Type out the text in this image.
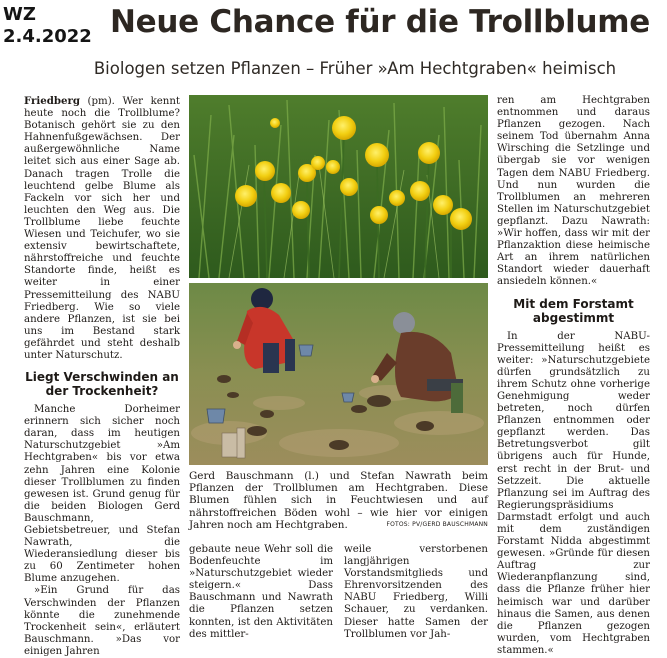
WZ
2.4.2022 Neue Chance für die Trollblume
Biologen setzen Pflanzen – Früher »Am Hechtgraben« heimisch

Friedberg (pm). Wer kennt heute noch die Trollblume? Botanisch gehört sie zu den Hahnenfußgewächsen. Der außergewöhnliche Name leitet sich aus einer Sage ab. Danach tragen Trolle die leuchtend gelbe Blume als Fackeln vor sich her und leuchten den Weg aus. Die Trollblume liebe feuchte Wiesen und Teichufer, wo sie extensiv bewirtschaftete, nährstoffreiche und feuchte Standorte finde, heißt es weiter in einer Pressemitteilung des NABU Friedberg. Wie so viele andere Pflanzen, ist sie bei uns im Bestand stark gefährdet und steht deshalb unter Naturschutz.

Liegt Verschwinden an der Trockenheit?

Manche Dorheimer erinnern sich sicher noch daran, dass im heutigen Naturschutzgebiet »Am Hechtgraben« bis vor etwa zehn Jahren eine Kolonie dieser Trollblumen zu finden gewesen ist. Grund genug für die beiden Biologen Gerd Bauschmann, Gebietsbetreuer, und Stefan Nawrath, die Wiederansiedlung dieser bis zu 60 Zentimeter hohen Blume anzugehen.

»Ein Grund für das Verschwinden der Pflanzen könnte die zunehmende Trockenheit sein«, erläutert Bauschmann. »Das vor einigen Jahren

Gerd Bauschmann (l.) und Stefan Nawrath beim Pflanzen der Trollblumen am Hechtgraben. Diese Blumen fühlen sich in Feuchtwiesen und auf nährstoffreichen Böden wohl – wie hier vor einigen Jahren noch am Hechtgraben.	FOTOS: PV/GERD BAUSCHMANN

gebaute neue Wehr soll die Bodenfeuchte im »Naturschutzgebiet wieder steigern.« Dass Bauschmann und Nawrath die Pflanzen setzen konnten, ist den Aktivitäten des mittler-

weile verstorbenen langjährigen Vorstandsmitglieds und Ehrenvorsitzenden des NABU Friedberg, Willi Schauer, zu verdanken. Dieser hatte Samen der Trollblumen vor Jah-

ren am Hechtgraben entnommen und daraus Pflanzen gezogen. Nach seinem Tod übernahm Anna Wirsching die Setzlinge und übergab sie vor wenigen Tagen dem NABU Friedberg. Und nun wurden die Trollblumen an mehreren Stellen im Naturschutzgebiet gepflanzt. Dazu Nawrath: »Wir hoffen, dass wir mit der Pflanzaktion diese heimische Art an ihrem natürlichen Standort wieder dauerhaft ansiedeln können.«

Mit dem Forstamt abgestimmt

In der NABU-Pressemitteilung heißt es weiter: »Naturschutzgebiete dürfen grundsätzlich zu ihrem Schutz ohne vorherige Genehmigung weder betreten, noch dürfen Pflanzen entnommen oder gepflanzt werden. Das Betretungsverbot gilt übrigens auch für Hunde, erst recht in der Brut- und Setzzeit. Die aktuelle Pflanzung sei im Auftrag des Regierungspräsidiums Darmstadt erfolgt und auch mit dem zuständigen Forstamt Nidda abgestimmt gewesen. »Gründe für diesen Auftrag zur Wiederanpflanzung sind, dass die Pflanze früher hier heimisch war und darüber hinaus die Samen, aus denen die Pflanzen gezogen wurden, vom Hechtgraben stammen.«
